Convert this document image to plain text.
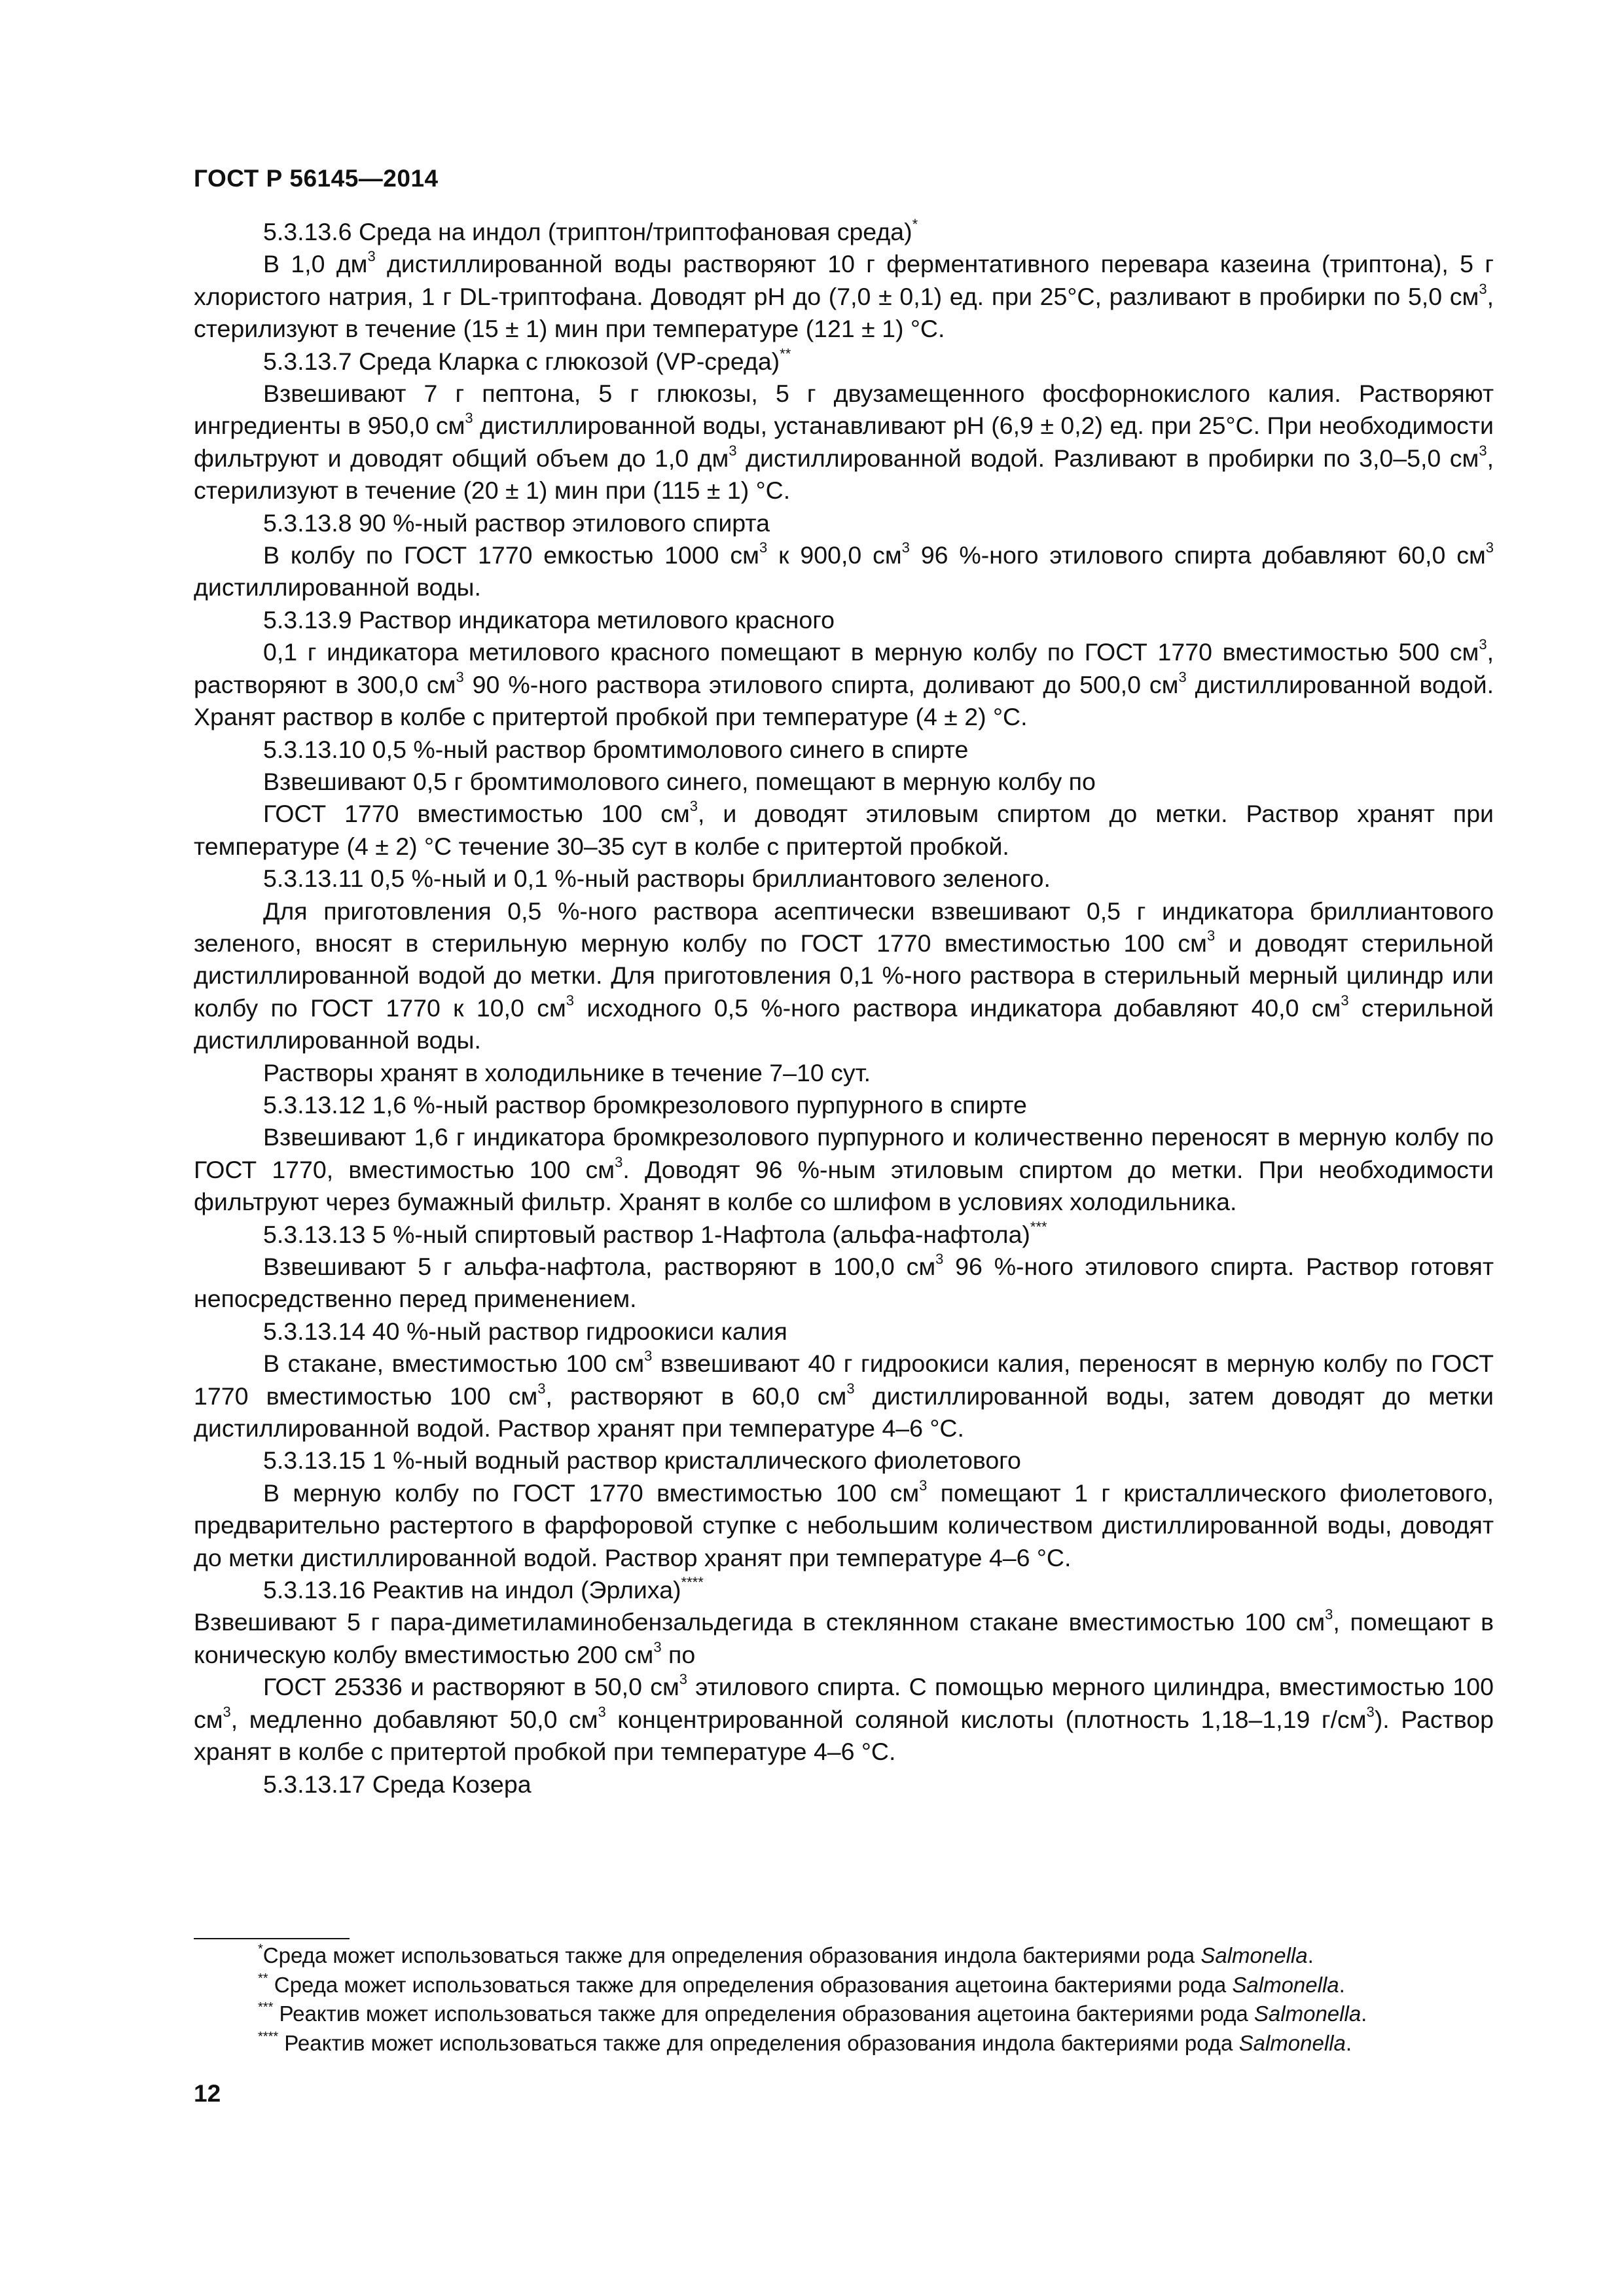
ГОСТ Р 56145—2014

5.3.13.6 Среда на индол (триптон/триптофановая среда)*

В 1,0 $дм^3$ дистиллированной воды растворяют 10 г ферментативного перевара казеина (триптона), 5 г хлористого натрия, 1 г DL-триптофана. Доводят pH до (7,0 ± 0,1) ед. при 25°С, разливают в пробирки по 5,0 $см^3$, стерилизуют в течение (15 ± 1) мин при температуре (121 ± 1) °С.

5.3.13.7 Среда Кларка с глюкозой (VP-среда)**

Взвешивают 7 г пептона, 5 г глюкозы, 5 г двузамещенного фосфорнокислого калия. Растворяют ингредиенты в 950,0 $см^3$ дистиллированной воды, устанавливают pH (6,9 ± 0,2) ед. при 25°С. При необходимости фильтруют и доводят общий объем до 1,0 $дм^3$ дистиллированной водой. Разливают в пробирки по 3,0–5,0 $см^3$, стерилизуют в течение (20 ± 1) мин при (115 ± 1) °С.

5.3.13.8 90 %-ный раствор этилового спирта

В колбу по ГОСТ 1770 емкостью 1000 $см^3$ к 900,0 $см^3$ 96 %-ного этилового спирта добавляют 60,0 $см^3$ дистиллированной воды.

5.3.13.9 Раствор индикатора метилового красного

0,1 г индикатора метилового красного помещают в мерную колбу по ГОСТ 1770 вместимостью 500 $см^3$, растворяют в 300,0 $см^3$ 90 %-ного раствора этилового спирта, доливают до 500,0 $см^3$ дистиллированной водой. Хранят раствор в колбе с притертой пробкой при температуре (4 ± 2) °С.

5.3.13.10 0,5 %-ный раствор бромтимолового синего в спирте

Взвешивают 0,5 г бромтимолового синего, помещают в мерную колбу по

ГОСТ 1770 вместимостью 100 $см^3$, и доводят этиловым спиртом до метки. Раствор хранят при температуре (4 ± 2) °С течение 30–35 сут в колбе с притертой пробкой.

5.3.13.11 0,5 %-ный и 0,1 %-ный растворы бриллиантового зеленого.

Для приготовления 0,5 %-ного раствора асептически взвешивают 0,5 г индикатора бриллиантового зеленого, вносят в стерильную мерную колбу по ГОСТ 1770 вместимостью 100 $см^3$ и доводят стерильной дистиллированной водой до метки. Для приготовления 0,1 %-ного раствора в стерильный мерный цилиндр или колбу по ГОСТ 1770 к 10,0 $см^3$ исходного 0,5 %-ного раствора индикатора добавляют 40,0 $см^3$ стерильной дистиллированной воды.

Растворы хранят в холодильнике в течение 7–10 сут.

5.3.13.12 1,6 %-ный раствор бромкрезолового пурпурного в спирте

Взвешивают 1,6 г индикатора бромкрезолового пурпурного и количественно переносят в мерную колбу по ГОСТ 1770, вместимостью 100 $см^3$. Доводят 96 %-ным этиловым спиртом до метки. При необходимости фильтруют через бумажный фильтр. Хранят в колбе со шлифом в условиях холодильника.

5.3.13.13 5 %-ный спиртовый раствор 1-Нафтола (альфа-нафтола)***

Взвешивают 5 г альфа-нафтола, растворяют в 100,0 $см^3$ 96 %-ного этилового спирта. Раствор готовят непосредственно перед применением.

5.3.13.14 40 %-ный раствор гидроокиси калия

В стакане, вместимостью 100 $см^3$ взвешивают 40 г гидроокиси калия, переносят в мерную колбу по ГОСТ 1770 вместимостью 100 $см^3$, растворяют в 60,0 $см^3$ дистиллированной воды, затем доводят до метки дистиллированной водой. Раствор хранят при температуре 4–6 °С.

5.3.13.15 1 %-ный водный раствор кристаллического фиолетового

В мерную колбу по ГОСТ 1770 вместимостью 100 $см^3$ помещают 1 г кристаллического фиолетового, предварительно растертого в фарфоровой ступке с небольшим количеством дистиллированной воды, доводят до метки дистиллированной водой. Раствор хранят при температуре 4–6 °С.

5.3.13.16 Реактив на индол (Эрлиха)****

Взвешивают 5 г пара-диметиламинобензальдегида в стеклянном стакане вместимостью 100 $см^3$, помещают в коническую колбу вместимостью 200 $см^3$ по

ГОСТ 25336 и растворяют в 50,0 $см^3$ этилового спирта. С помощью мерного цилиндра, вместимостью 100 $см^3$, медленно добавляют 50,0 $см^3$ концентрированной соляной кислоты (плотность 1,18–1,19 $г/см^3$). Раствор хранят в колбе с притертой пробкой при температуре 4–6 °С.

5.3.13.17 Среда Козера

*Среда может использоваться также для определения образования индола бактериями рода Salmonella.

** Среда может использоваться также для определения образования ацетоина бактериями рода Salmonella.

*** Реактив может использоваться также для определения образования ацетоина бактериями рода Salmonella.

**** Реактив может использоваться также для определения образования индола бактериями рода Salmonella.

12
